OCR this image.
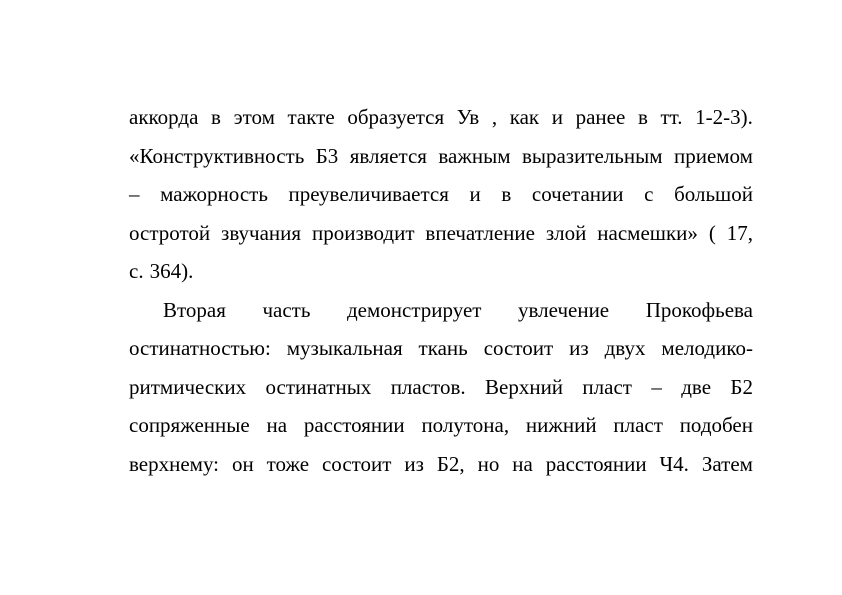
аккорда в этом такте образуется Ув , как и ранее в тт. 1-2-3).
«Конструктивность Б3 является важным выразительным приемом
– мажорность преувеличивается и в сочетании с большой
остротой звучания производит впечатление злой насмешки» ( 17,
с. 364).
Вторая часть демонстрирует увлечение Прокофьева
остинатностью: музыкальная ткань состоит из двух мелодико-
ритмических остинатных пластов. Верхний пласт – две Б2
сопряженные на расстоянии полутона, нижний пласт подобен
верхнему: он тоже состоит из Б2, но на расстоянии Ч4. Затем
